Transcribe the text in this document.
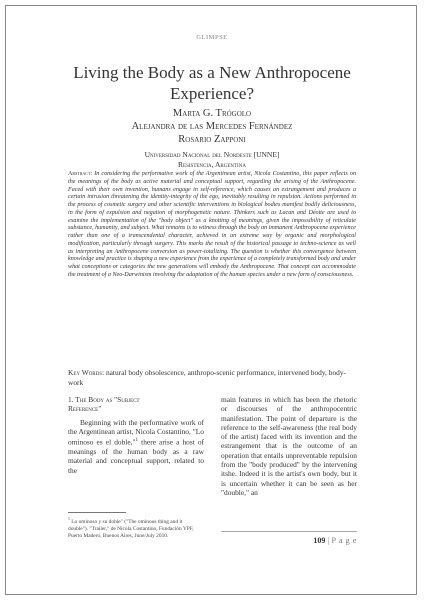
GLIMPSE
Living the Body as a New Anthropocene Experience?
Marta G. Trógolo
Alejandra de las Mercedes Fernández
Rosario Zapponi
Universidad Nacional del Nordeste [UNNE]
Resistencia, Argentina

Abstract: In considering the performative work of the Argentinean artist, Nicola Costantino, this paper reflects on the meanings of the body as active material and conceptual support, regarding the arising of the Anthropocene. Faced with their own invention, humans engage in self-reference, which causes an estrangement and produces a certain intrusion threatening the identity-integrity of the ego, inevitably resulting in repulsion. Actions performed in the process of cosmetic surgery and other scientific interventions in biological bodies manifest bodily deliciousness, in the form of expulsion and negation of morphogenetic nature. Thinkers such as Lacan and Déotte are used to examine the implementation of the "body object" as a knotting of meanings, given the impossibility of reticulate substance, humanity, and subject. What remains is to witness through the body an immanent Anthropocene experience rather than one of a transcendental character, achieved in an extreme way by organic and morphological modification, particularly through surgery. This marks the result of the historical passage to techno-science as well as interpreting an Anthropocene conversion as power-totalizing. The question is whether this convergence between knowledge and practice is shaping a new experience from the experience of a completely transformed body and under what conceptions or categories the new generations will embody the Anthropocene. That concept can accommodate the treatment of a Neo-Darwinism involving the adaptation of the human species under a new form of consciousness.

Key Words: natural body obsolescence, anthropo-scenic performance, intervened body, body-work

1. The Body as "Subject
Reference"

Beginning with the performative work of the Argentinean artist, Nicola Costantino, "Lo ominoso es el doble,"$^1$ there arise a host of meanings of the human body as a raw material and conceptual support, related to the

main features in which has been the rhetoric or discourses of the anthropocentric manifestation. The point of departure is the reference to the self-awareness (the real body of the artist) faced with its invention and the estrangement that is the outcome of an operation that entails unpreventable repulsion from the "body produced" by the intervening itshe. Indeed it is the artist's own body, but it is uncertain whether it can be seen as her "double," an

$^1$ Lo ominoso y su doble" ("The ominous thing and it double"). "Trailer," de Nicola Costantino, Fundación YPF, Puerto Madero, Buenos Aires, June/July 2010.	109 | P a g e
